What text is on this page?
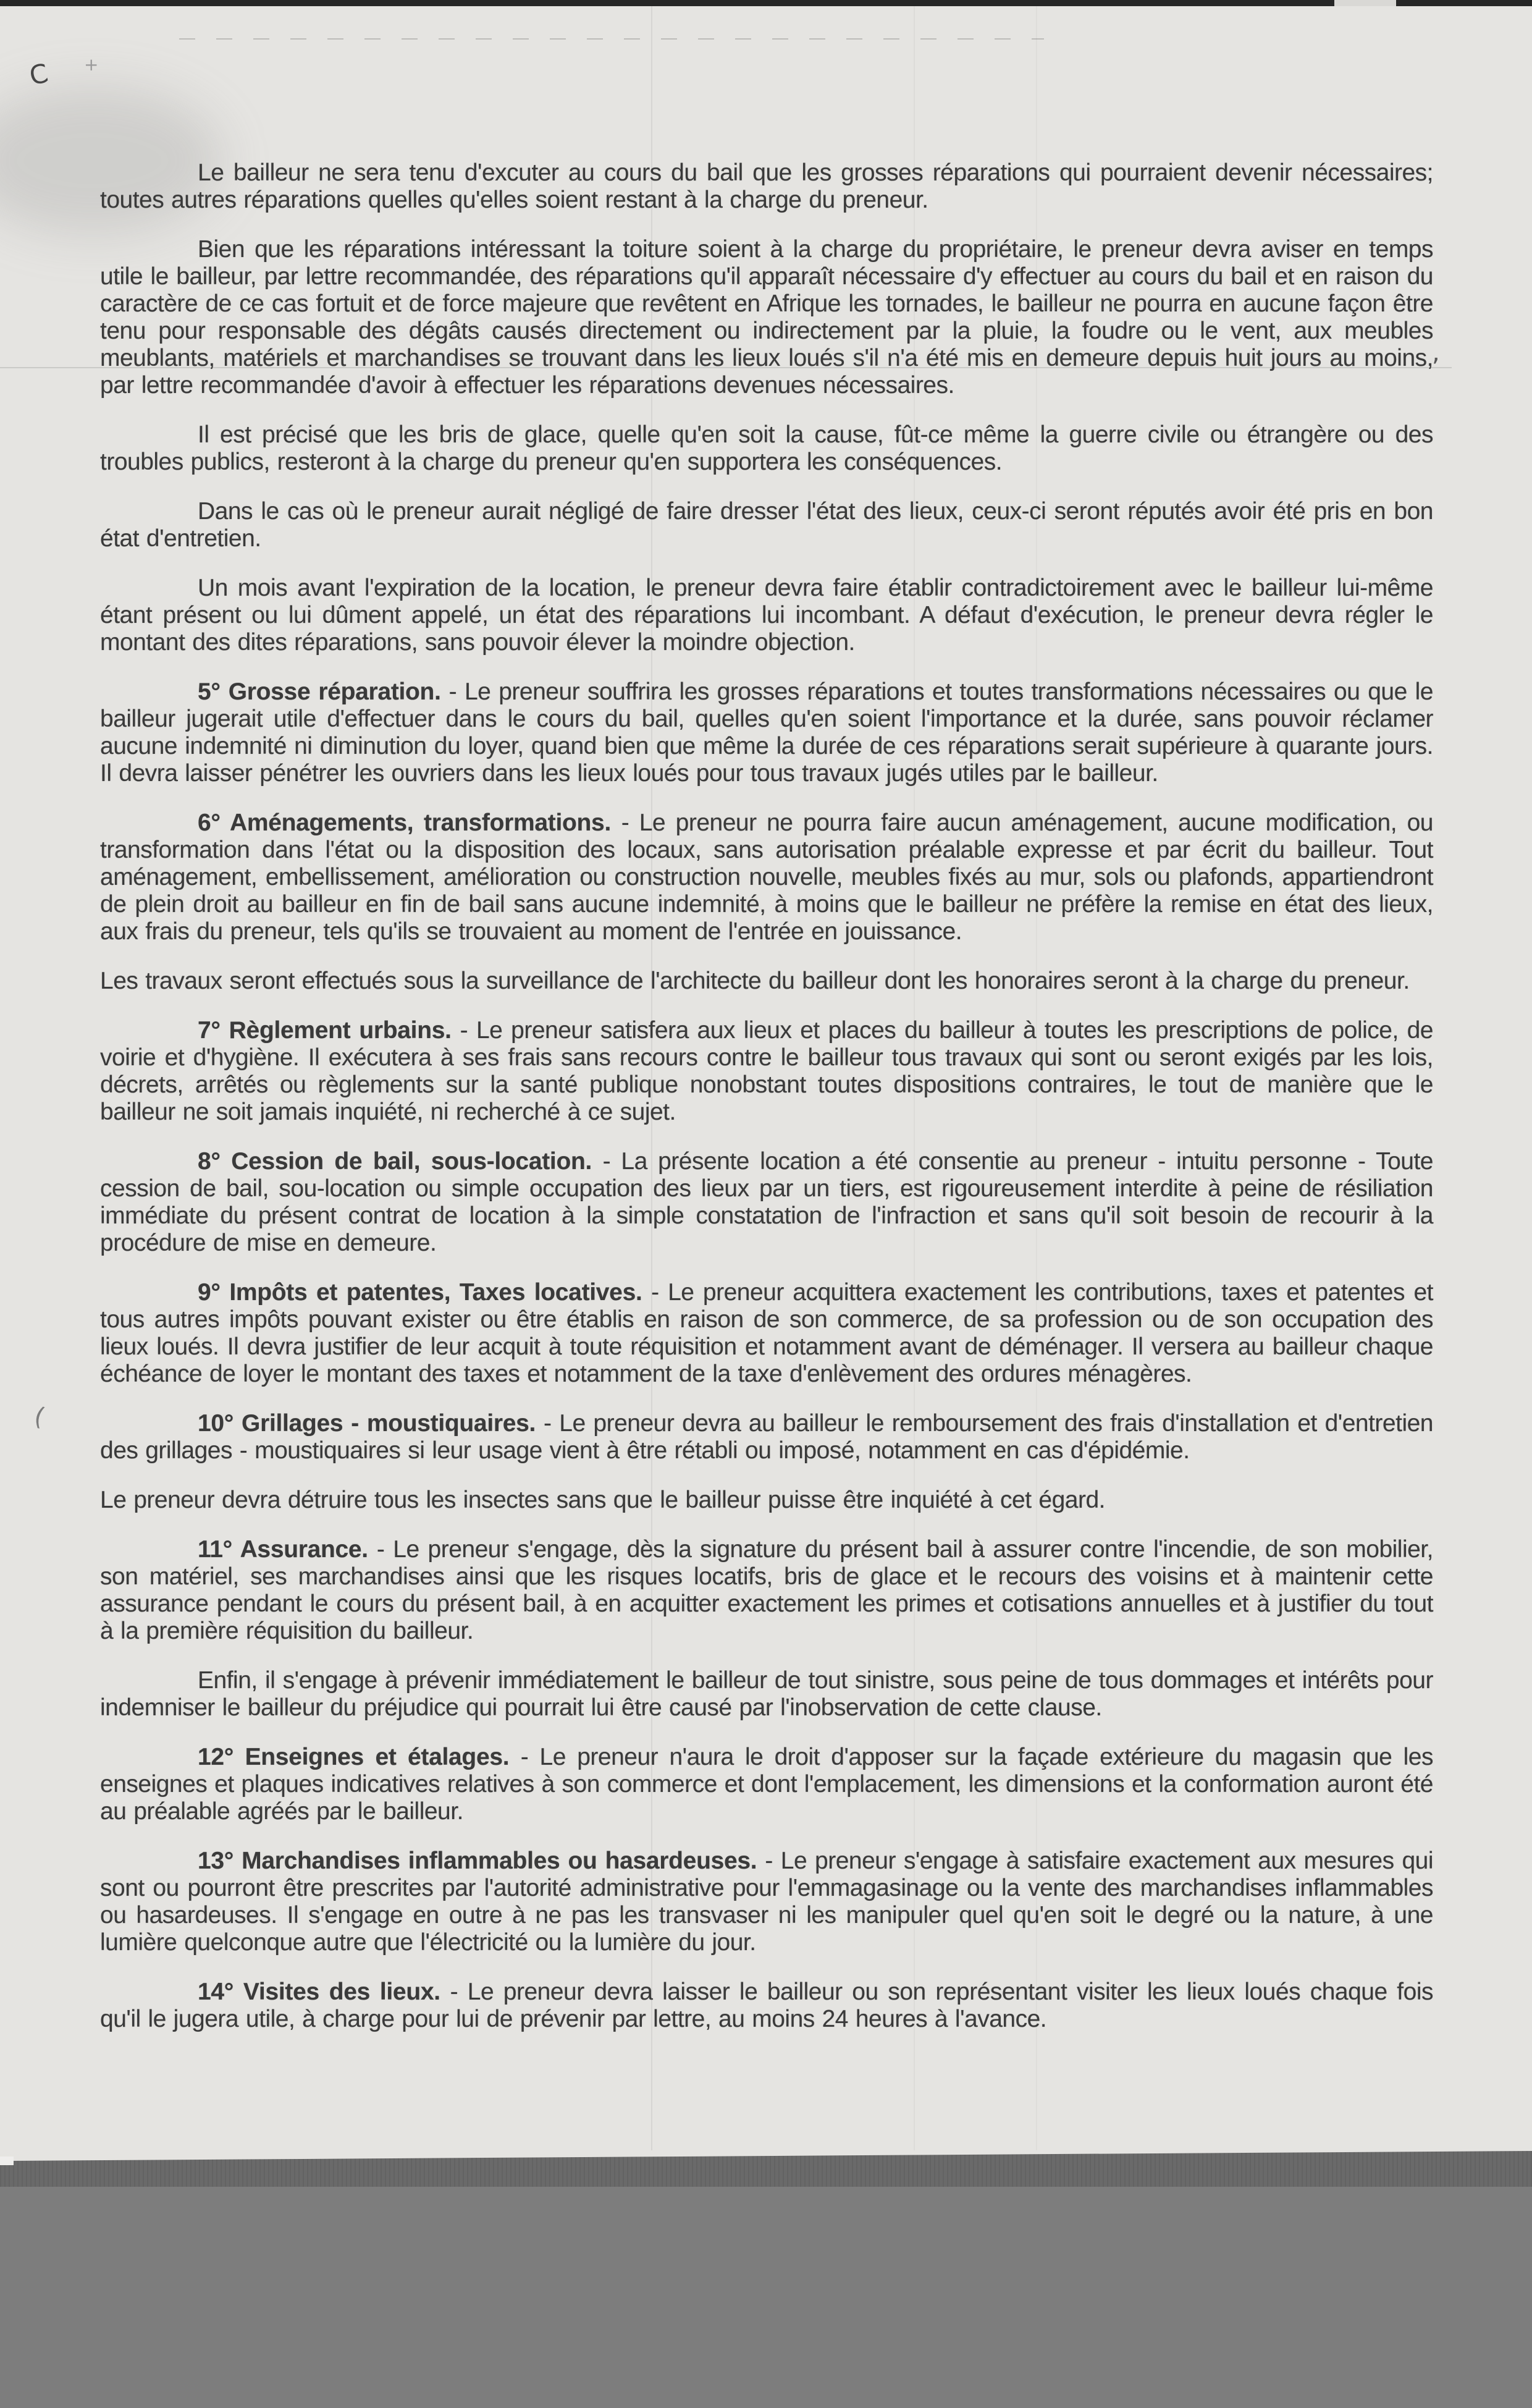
C +
,
(

Le bailleur ne sera tenu d'excuter au cours du bail que les grosses réparations qui pourraient devenir nécessaires; toutes autres réparations quelles qu'elles soient restant à la charge du preneur.

Bien que les réparations intéressant la toiture soient à la charge du propriétaire, le preneur devra aviser en temps utile le bailleur, par lettre recommandée, des réparations qu'il apparaît nécessaire d'y effectuer au cours du bail et en raison du caractère de ce cas fortuit et de force majeure que revêtent en Afrique les tornades, le bailleur ne pourra en aucune façon être tenu pour responsable des dégâts causés directement ou indirectement par la pluie, la foudre ou le vent, aux meubles meublants, matériels et marchandises se trouvant dans les lieux loués s'il n'a été mis en demeure depuis huit jours au moins, par lettre recommandée d'avoir à effectuer les réparations devenues nécessaires.

Il est précisé que les bris de glace, quelle qu'en soit la cause, fût-ce même la guerre civile ou étrangère ou des troubles publics, resteront à la charge du preneur qu'en supportera les conséquences.

Dans le cas où le preneur aurait négligé de faire dresser l'état des lieux, ceux-ci seront réputés avoir été pris en bon état d'entretien.

Un mois avant l'expiration de la location, le preneur devra faire établir contradictoirement avec le bailleur lui-même étant présent ou lui dûment appelé, un état des réparations lui incombant. A défaut d'exécution, le preneur devra régler le montant des dites réparations, sans pouvoir élever la moindre objection.

5° Grosse réparation. - Le preneur souffrira les grosses réparations et toutes transformations nécessaires ou que le bailleur jugerait utile d'effectuer dans le cours du bail, quelles qu'en soient l'importance et la durée, sans pouvoir réclamer aucune indemnité ni diminution du loyer, quand bien que même la durée de ces réparations serait supérieure à quarante jours. Il devra laisser pénétrer les ouvriers dans les lieux loués pour tous travaux jugés utiles par le bailleur.

6° Aménagements, transformations. - Le preneur ne pourra faire aucun aménagement, aucune modification, ou transformation dans l'état ou la disposition des locaux, sans autorisation préalable expresse et par écrit du bailleur. Tout aménagement, embellissement, amélioration ou construction nouvelle, meubles fixés au mur, sols ou plafonds, appartiendront de plein droit au bailleur en fin de bail sans aucune indemnité, à moins que le bailleur ne préfère la remise en état des lieux, aux frais du preneur, tels qu'ils se trouvaient au moment de l'entrée en jouissance.

Les travaux seront effectués sous la surveillance de l'architecte du bailleur dont les honoraires seront à la charge du preneur.

7° Règlement urbains. - Le preneur satisfera aux lieux et places du bailleur à toutes les prescriptions de police, de voirie et d'hygiène. Il exécutera à ses frais sans recours contre le bailleur tous travaux qui sont ou seront exigés par les lois, décrets, arrêtés ou règlements sur la santé publique nonobstant toutes dispositions contraires, le tout de manière que le bailleur ne soit jamais inquiété, ni recherché à ce sujet.

8° Cession de bail, sous-location. - La présente location a été consentie au preneur - intuitu personne - Toute cession de bail, sou-location ou simple occupation des lieux par un tiers, est rigoureusement interdite à peine de résiliation immédiate du présent contrat de location à la simple constatation de l'infraction et sans qu'il soit besoin de recourir à la procédure de mise en demeure.

9° Impôts et patentes, Taxes locatives. - Le preneur acquittera exactement les contributions, taxes et patentes et tous autres impôts pouvant exister ou être établis en raison de son commerce, de sa profession ou de son occupation des lieux loués. Il devra justifier de leur acquit à toute réquisition et notamment avant de déménager. Il versera au bailleur chaque échéance de loyer le montant des taxes et notamment de la taxe d'enlèvement des ordures ménagères.

10° Grillages - moustiquaires. - Le preneur devra au bailleur le remboursement des frais d'installation et d'entretien des grillages - moustiquaires si leur usage vient à être rétabli ou imposé, notamment en cas d'épidémie.

Le preneur devra détruire tous les insectes sans que le bailleur puisse être inquiété à cet égard.

11° Assurance. - Le preneur s'engage, dès la signature du présent bail à assurer contre l'incendie, de son mobilier, son matériel, ses marchandises ainsi que les risques locatifs, bris de glace et le recours des voisins et à maintenir cette assurance pendant le cours du présent bail, à en acquitter exactement les primes et cotisations annuelles et à justifier du tout à la première réquisition du bailleur.

Enfin, il s'engage à prévenir immédiatement le bailleur de tout sinistre, sous peine de tous dommages et intérêts pour indemniser le bailleur du préjudice qui pourrait lui être causé par l'inobservation de cette clause.

12° Enseignes et étalages. - Le preneur n'aura le droit d'apposer sur la façade extérieure du magasin que les enseignes et plaques indicatives relatives à son commerce et dont l'emplacement, les dimensions et la conformation auront été au préalable agréés par le bailleur.

13° Marchandises inflammables ou hasardeuses. - Le preneur s'engage à satisfaire exactement aux mesures qui sont ou pourront être prescrites par l'autorité administrative pour l'emmagasinage ou la vente des marchandises inflammables ou hasardeuses. Il s'engage en outre à ne pas les transvaser ni les manipuler quel qu'en soit le degré ou la nature, à une lumière quelconque autre que l'électricité ou la lumière du jour.

14° Visites des lieux. - Le preneur devra laisser le bailleur ou son représentant visiter les lieux loués chaque fois qu'il le jugera utile, à charge pour lui de prévenir par lettre, au moins 24 heures à l'avance.
